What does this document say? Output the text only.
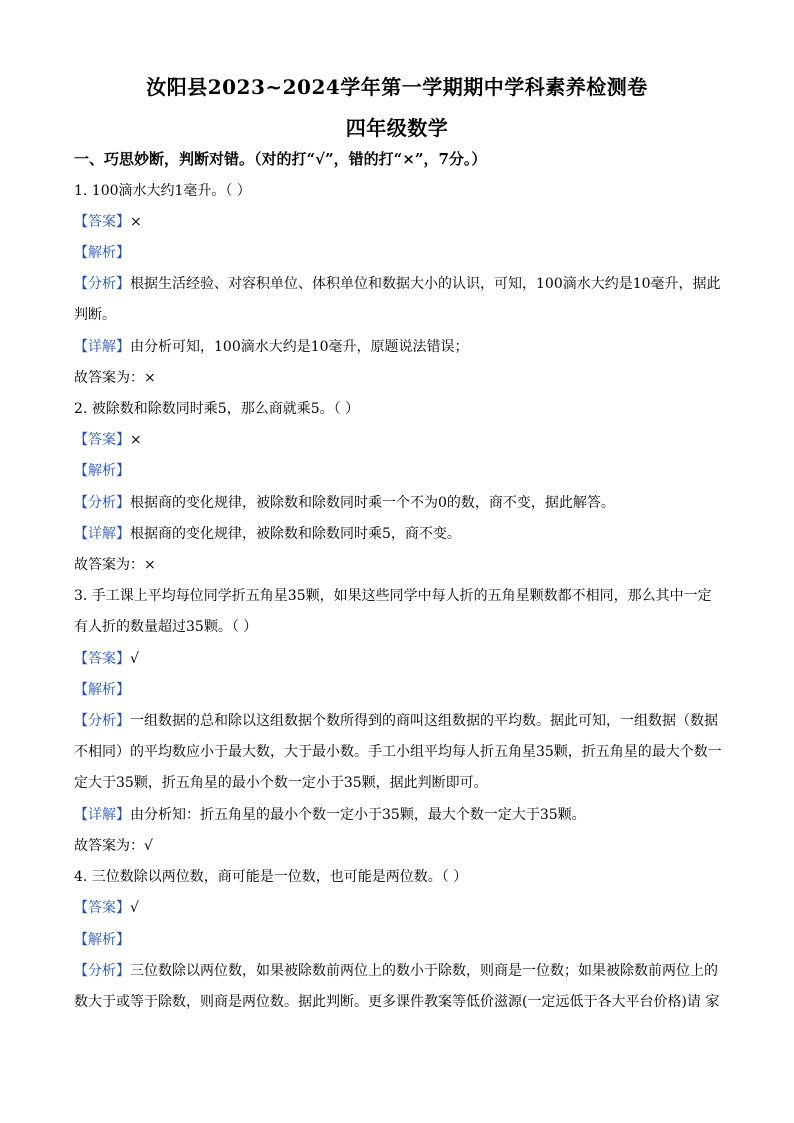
汝阳县2023~2024学年第一学期期中学科素养检测卷
四年级数学
一、巧思妙断，判断对错。（对的打“√”，错的打“×”，7分。）
1. 100滴水大约1毫升。（ ）
【答案】×
【解析】
【分析】根据生活经验、对容积单位、体积单位和数据大小的认识，可知，100滴水大约是10毫升，据此
判断。
【详解】由分析可知，100滴水大约是10毫升，原题说法错误；
故答案为：×
2. 被除数和除数同时乘5，那么商就乘5。（ ）
【答案】×
【解析】
【分析】根据商的变化规律，被除数和除数同时乘一个不为0的数，商不变，据此解答。
【详解】根据商的变化规律，被除数和除数同时乘5，商不变。
故答案为：×
3. 手工课上平均每位同学折五角星35颗，如果这些同学中每人折的五角星颗数都不相同，那么其中一定
有人折的数量超过35颗。（ ）
【答案】√
【解析】
【分析】一组数据的总和除以这组数据个数所得到的商叫这组数据的平均数。据此可知，一组数据（数据
不相同）的平均数应小于最大数，大于最小数。手工小组平均每人折五角星35颗，折五角星的最大个数一
定大于35颗，折五角星的最小个数一定小于35颗，据此判断即可。
【详解】由分析知：折五角星的最小个数一定小于35颗，最大个数一定大于35颗。
故答案为：√
4. 三位数除以两位数，商可能是一位数，也可能是两位数。（ ）
【答案】√
【解析】
【分析】三位数除以两位数，如果被除数前两位上的数小于除数，则商是一位数；如果被除数前两位上的
数大于或等于除数，则商是两位数。据此判断。更多课件教案等低价滋源(一定远低于各大平台价格)请 家
